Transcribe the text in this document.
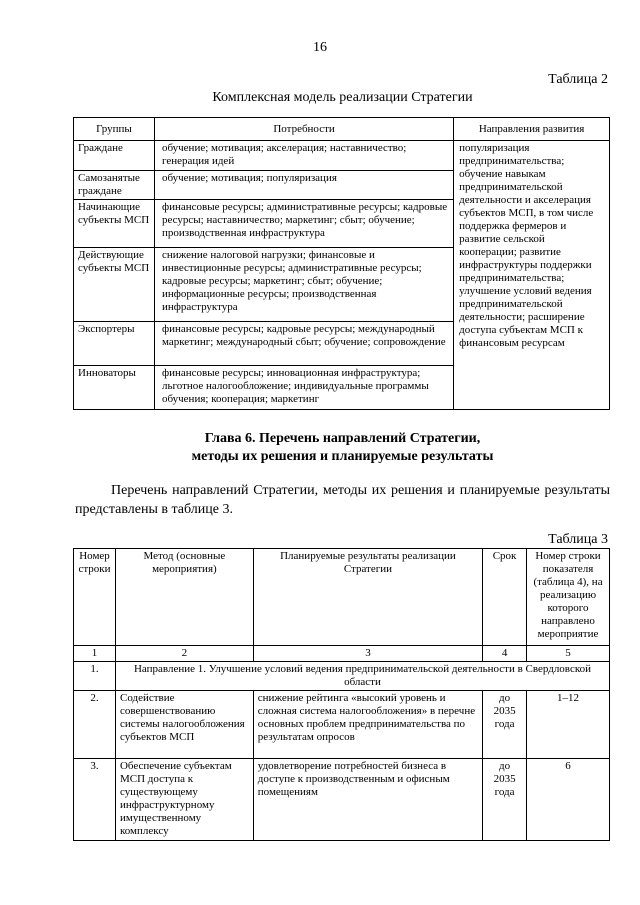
16
Таблица 2
Комплексная модель реализации Стратегии
Группы	Потребности	Направления развития
Граждане	обучение; мотивация; акселерация; наставничество; генерация идей	популяризация предпринимательства; обучение навыкам предпринимательской деятельности и акселерация субъектов МСП, в том числе поддержка фермеров и развитие сельской кооперации; развитие инфраструктуры поддержки предпринимательства; улучшение условий ведения предпринимательской деятельности; расширение доступа субъектам МСП к финансовым ресурсам
Самозанятые граждане	обучение; мотивация; популяризация	
Начинающие субъекты МСП	финансовые ресурсы; административные ресурсы; кадровые ресурсы; наставничество; маркетинг; сбыт; обучение; производственная инфраструктура	
Действующие субъекты МСП	снижение налоговой нагрузки; финансовые и инвестиционные ресурсы; административные ресурсы; кадровые ресурсы; маркетинг; сбыт; обучение; информационные ресурсы; производственная инфраструктура	
Экспортеры	финансовые ресурсы; кадровые ресурсы; международный маркетинг; международный сбыт; обучение; сопровождение	
Инноваторы	финансовые ресурсы; инновационная инфраструктура; льготное налогообложение; индивидуальные программы обучения; кооперация; маркетинг	
Глава 6. Перечень направлений Стратегии,
методы их решения и планируемые результаты
Перечень направлений Стратегии, методы их решения и планируемые результаты представлены в таблице 3.
Таблица 3
Номер строки	Метод (основные мероприятия)	Планируемые результаты реализации Стратегии	Срок	Номер строки показателя (таблица 4), на реализацию которого направлено мероприятие
1	2	3	4	5
1.	Направление 1. Улучшение условий ведения предпринимательской деятельности в Свердловской области			
2.	Содействие совершенствованию системы налогообложения субъектов МСП	снижение рейтинга «высокий уровень и сложная система налогообложения» в перечне основных проблем предпринимательства по результатам опросов	до 2035 года	1–12
3.	Обеспечение субъектам МСП доступа к существующему инфраструктурному имущественному комплексу	удовлетворение потребностей бизнеса в доступе к производственным и офисным помещениям	до 2035 года	6
